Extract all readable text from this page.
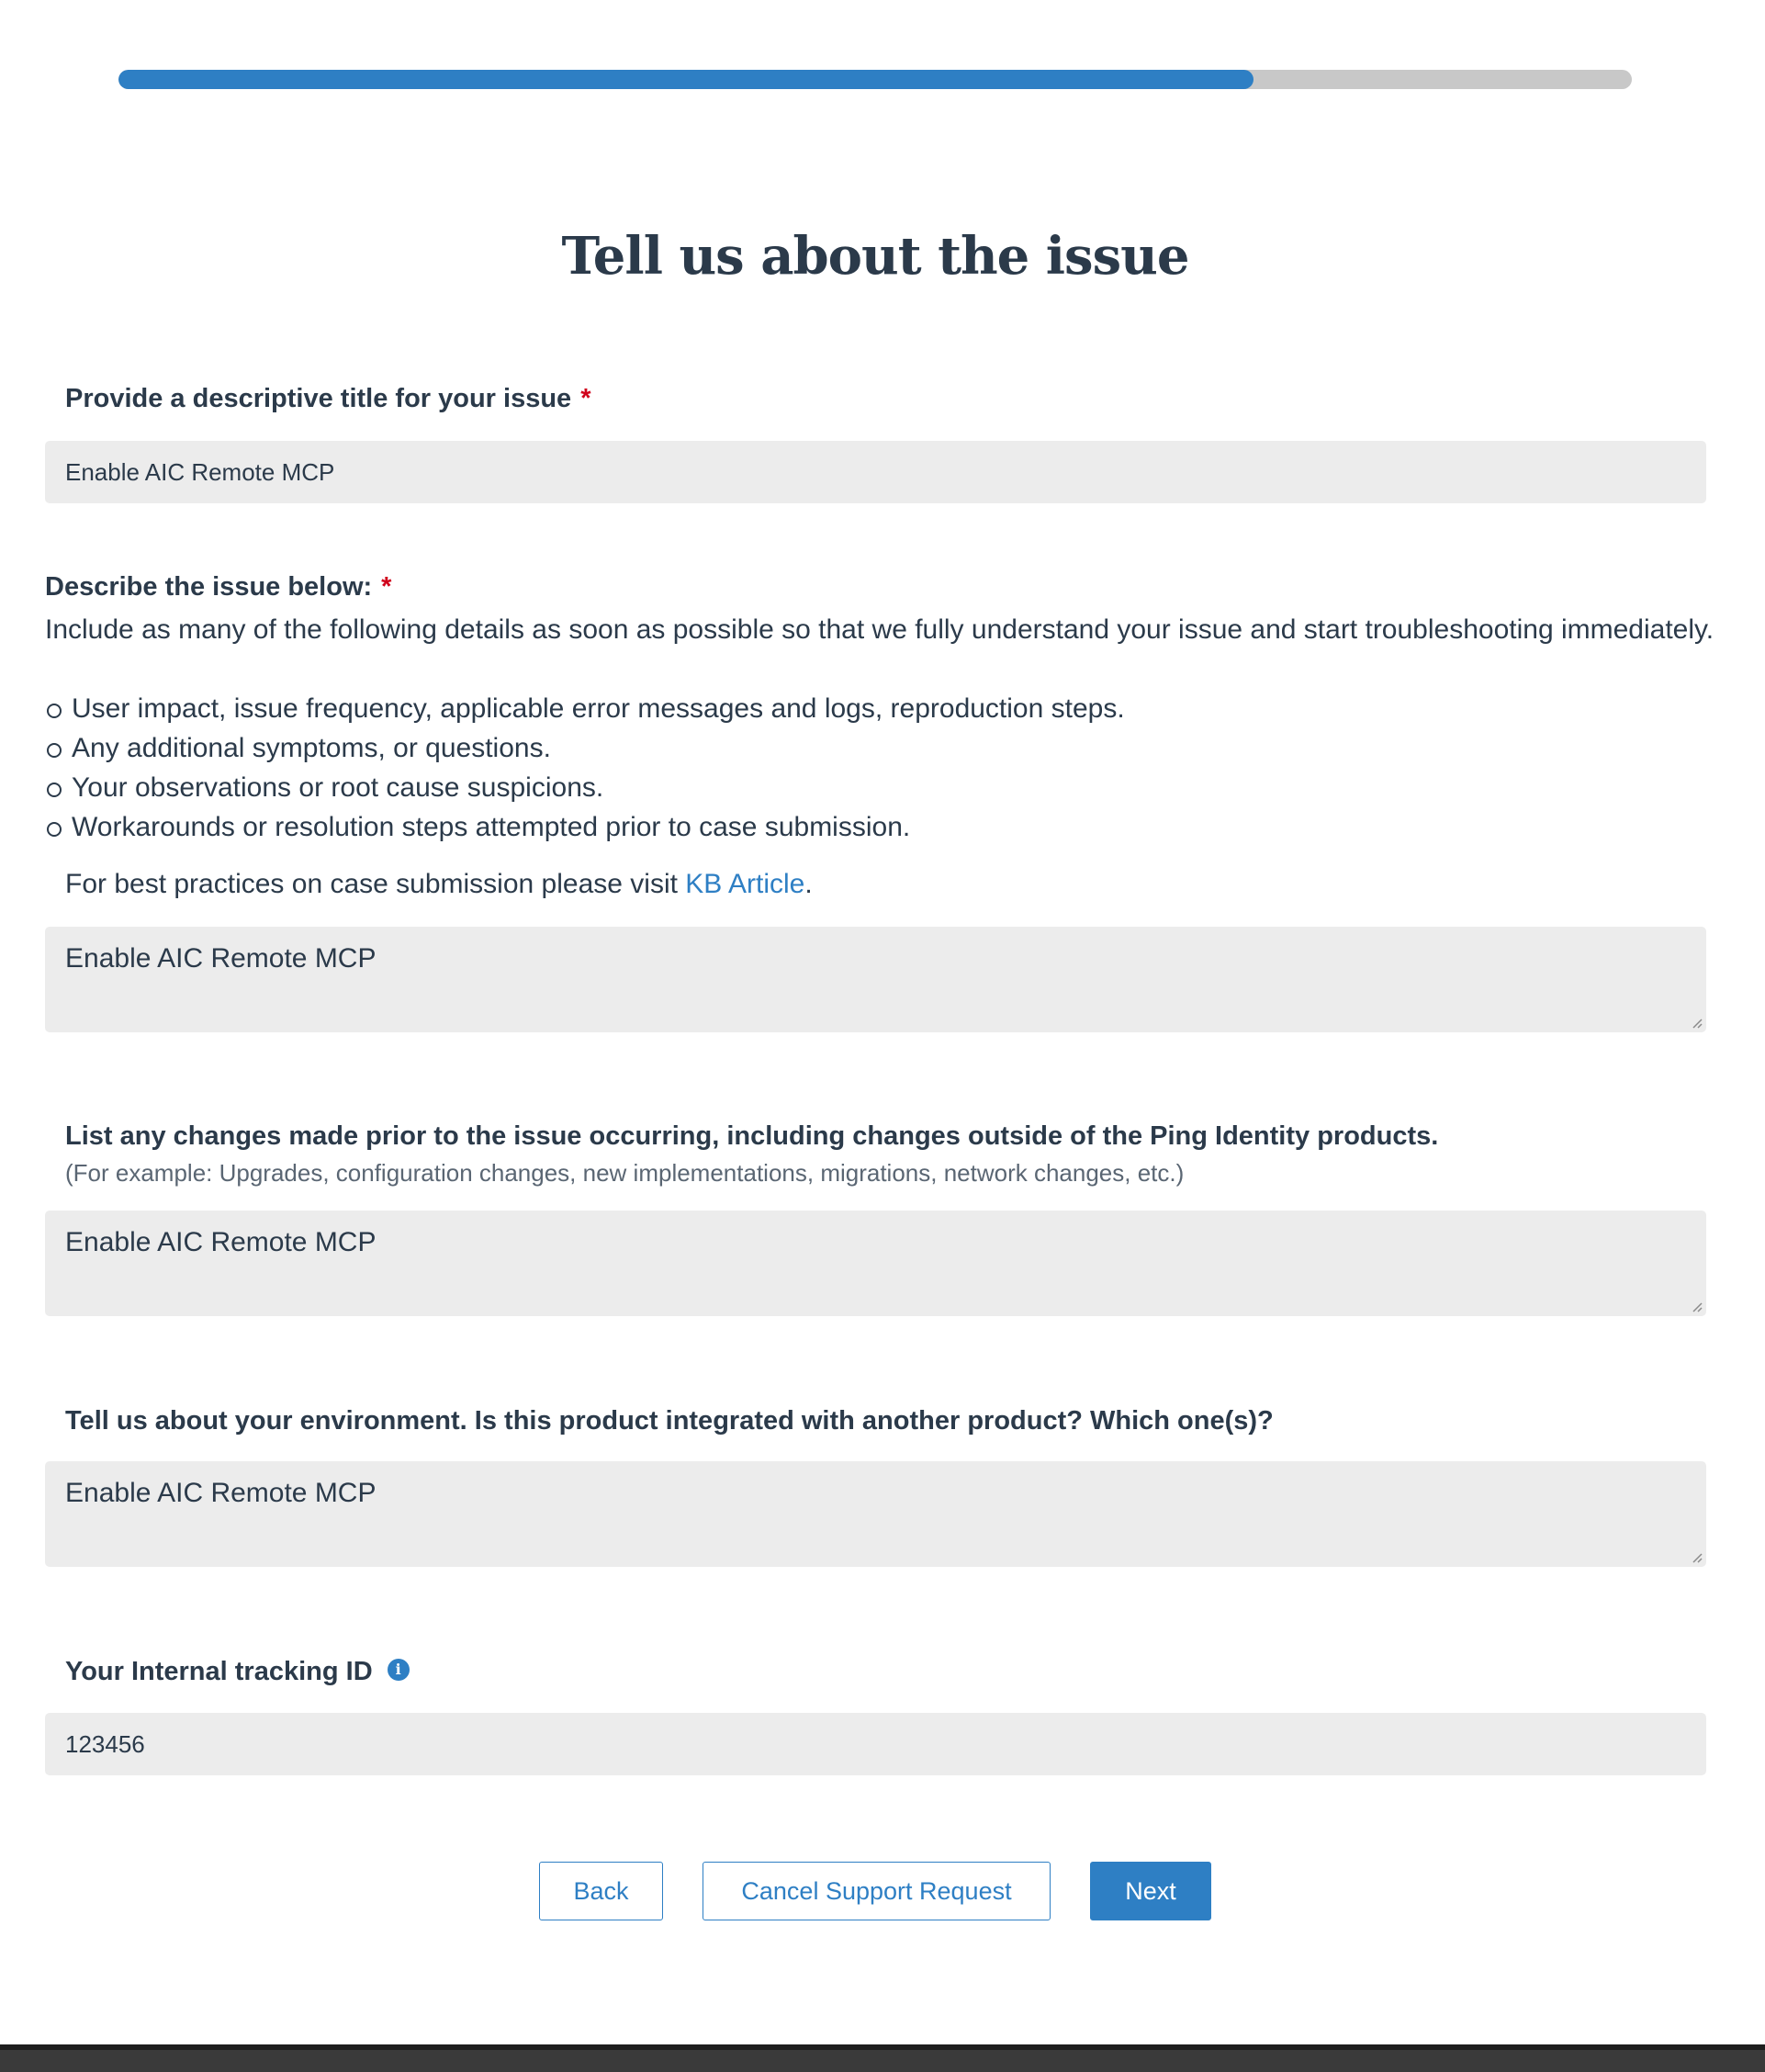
Tell us about the issue
Provide a descriptive title for your issue *
Enable AIC Remote MCP
Describe the issue below: *
Include as many of the following details as soon as possible so that we fully understand your issue and start troubleshooting immediately.
User impact, issue frequency, applicable error messages and logs, reproduction steps.
Any additional symptoms, or questions.
Your observations or root cause suspicions.
Workarounds or resolution steps attempted prior to case submission.
For best practices on case submission please visit KB Article.
Enable AIC Remote MCP
List any changes made prior to the issue occurring, including changes outside of the Ping Identity products.
(For example: Upgrades, configuration changes, new implementations, migrations, network changes, etc.)
Enable AIC Remote MCP
Tell us about your environment. Is this product integrated with another product? Which one(s)?
Enable AIC Remote MCP
Your Internal tracking ID i
123456
Back	Cancel Support Request	Next
